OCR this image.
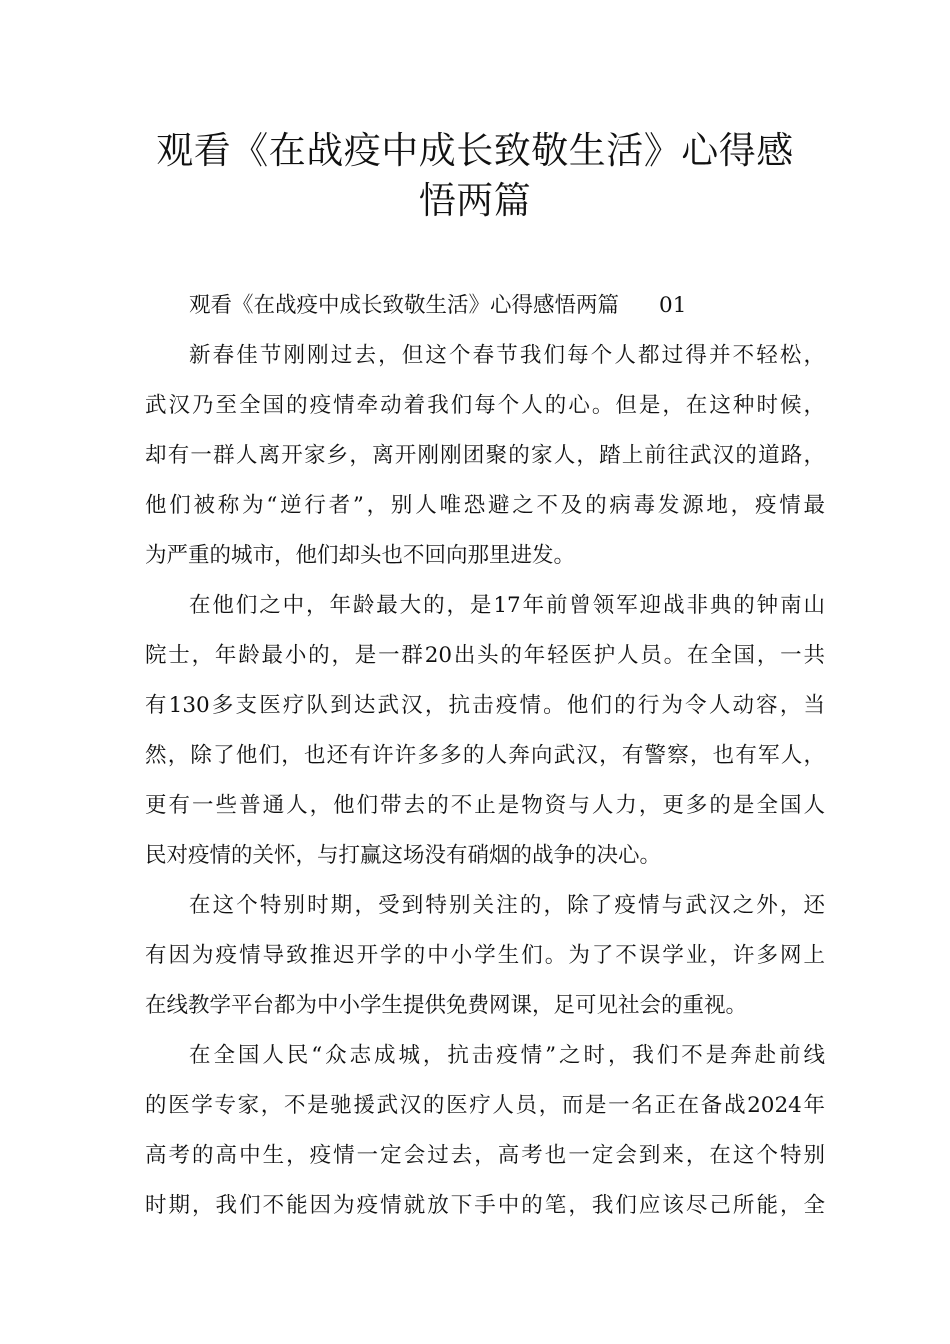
观看《在战疫中成长致敬生活》心得感
悟两篇
观看《在战疫中成长致敬生活》心得感悟两篇 01
新春佳节刚刚过去，但这个春节我们每个人都过得并不轻松，
武汉乃至全国的疫情牵动着我们每个人的心。但是，在这种时候，
却有一群人离开家乡，离开刚刚团聚的家人，踏上前往武汉的道路，
他们被称为“逆行者”，别人唯恐避之不及的病毒发源地，疫情最
为严重的城市，他们却头也不回向那里进发。
在他们之中，年龄最大的，是17年前曾领军迎战非典的钟南山
院士，年龄最小的，是一群20出头的年轻医护人员。在全国，一共
有130多支医疗队到达武汉，抗击疫情。他们的行为令人动容，当
然，除了他们，也还有许许多多的人奔向武汉，有警察，也有军人，
更有一些普通人，他们带去的不止是物资与人力，更多的是全国人
民对疫情的关怀，与打赢这场没有硝烟的战争的决心。
在这个特别时期，受到特别关注的，除了疫情与武汉之外，还
有因为疫情导致推迟开学的中小学生们。为了不误学业，许多网上
在线教学平台都为中小学生提供免费网课，足可见社会的重视。
在全国人民“众志成城，抗击疫情”之时，我们不是奔赴前线
的医学专家，不是驰援武汉的医疗人员，而是一名正在备战2024年
高考的高中生，疫情一定会过去，高考也一定会到来，在这个特别
时期，我们不能因为疫情就放下手中的笔，我们应该尽己所能，全
